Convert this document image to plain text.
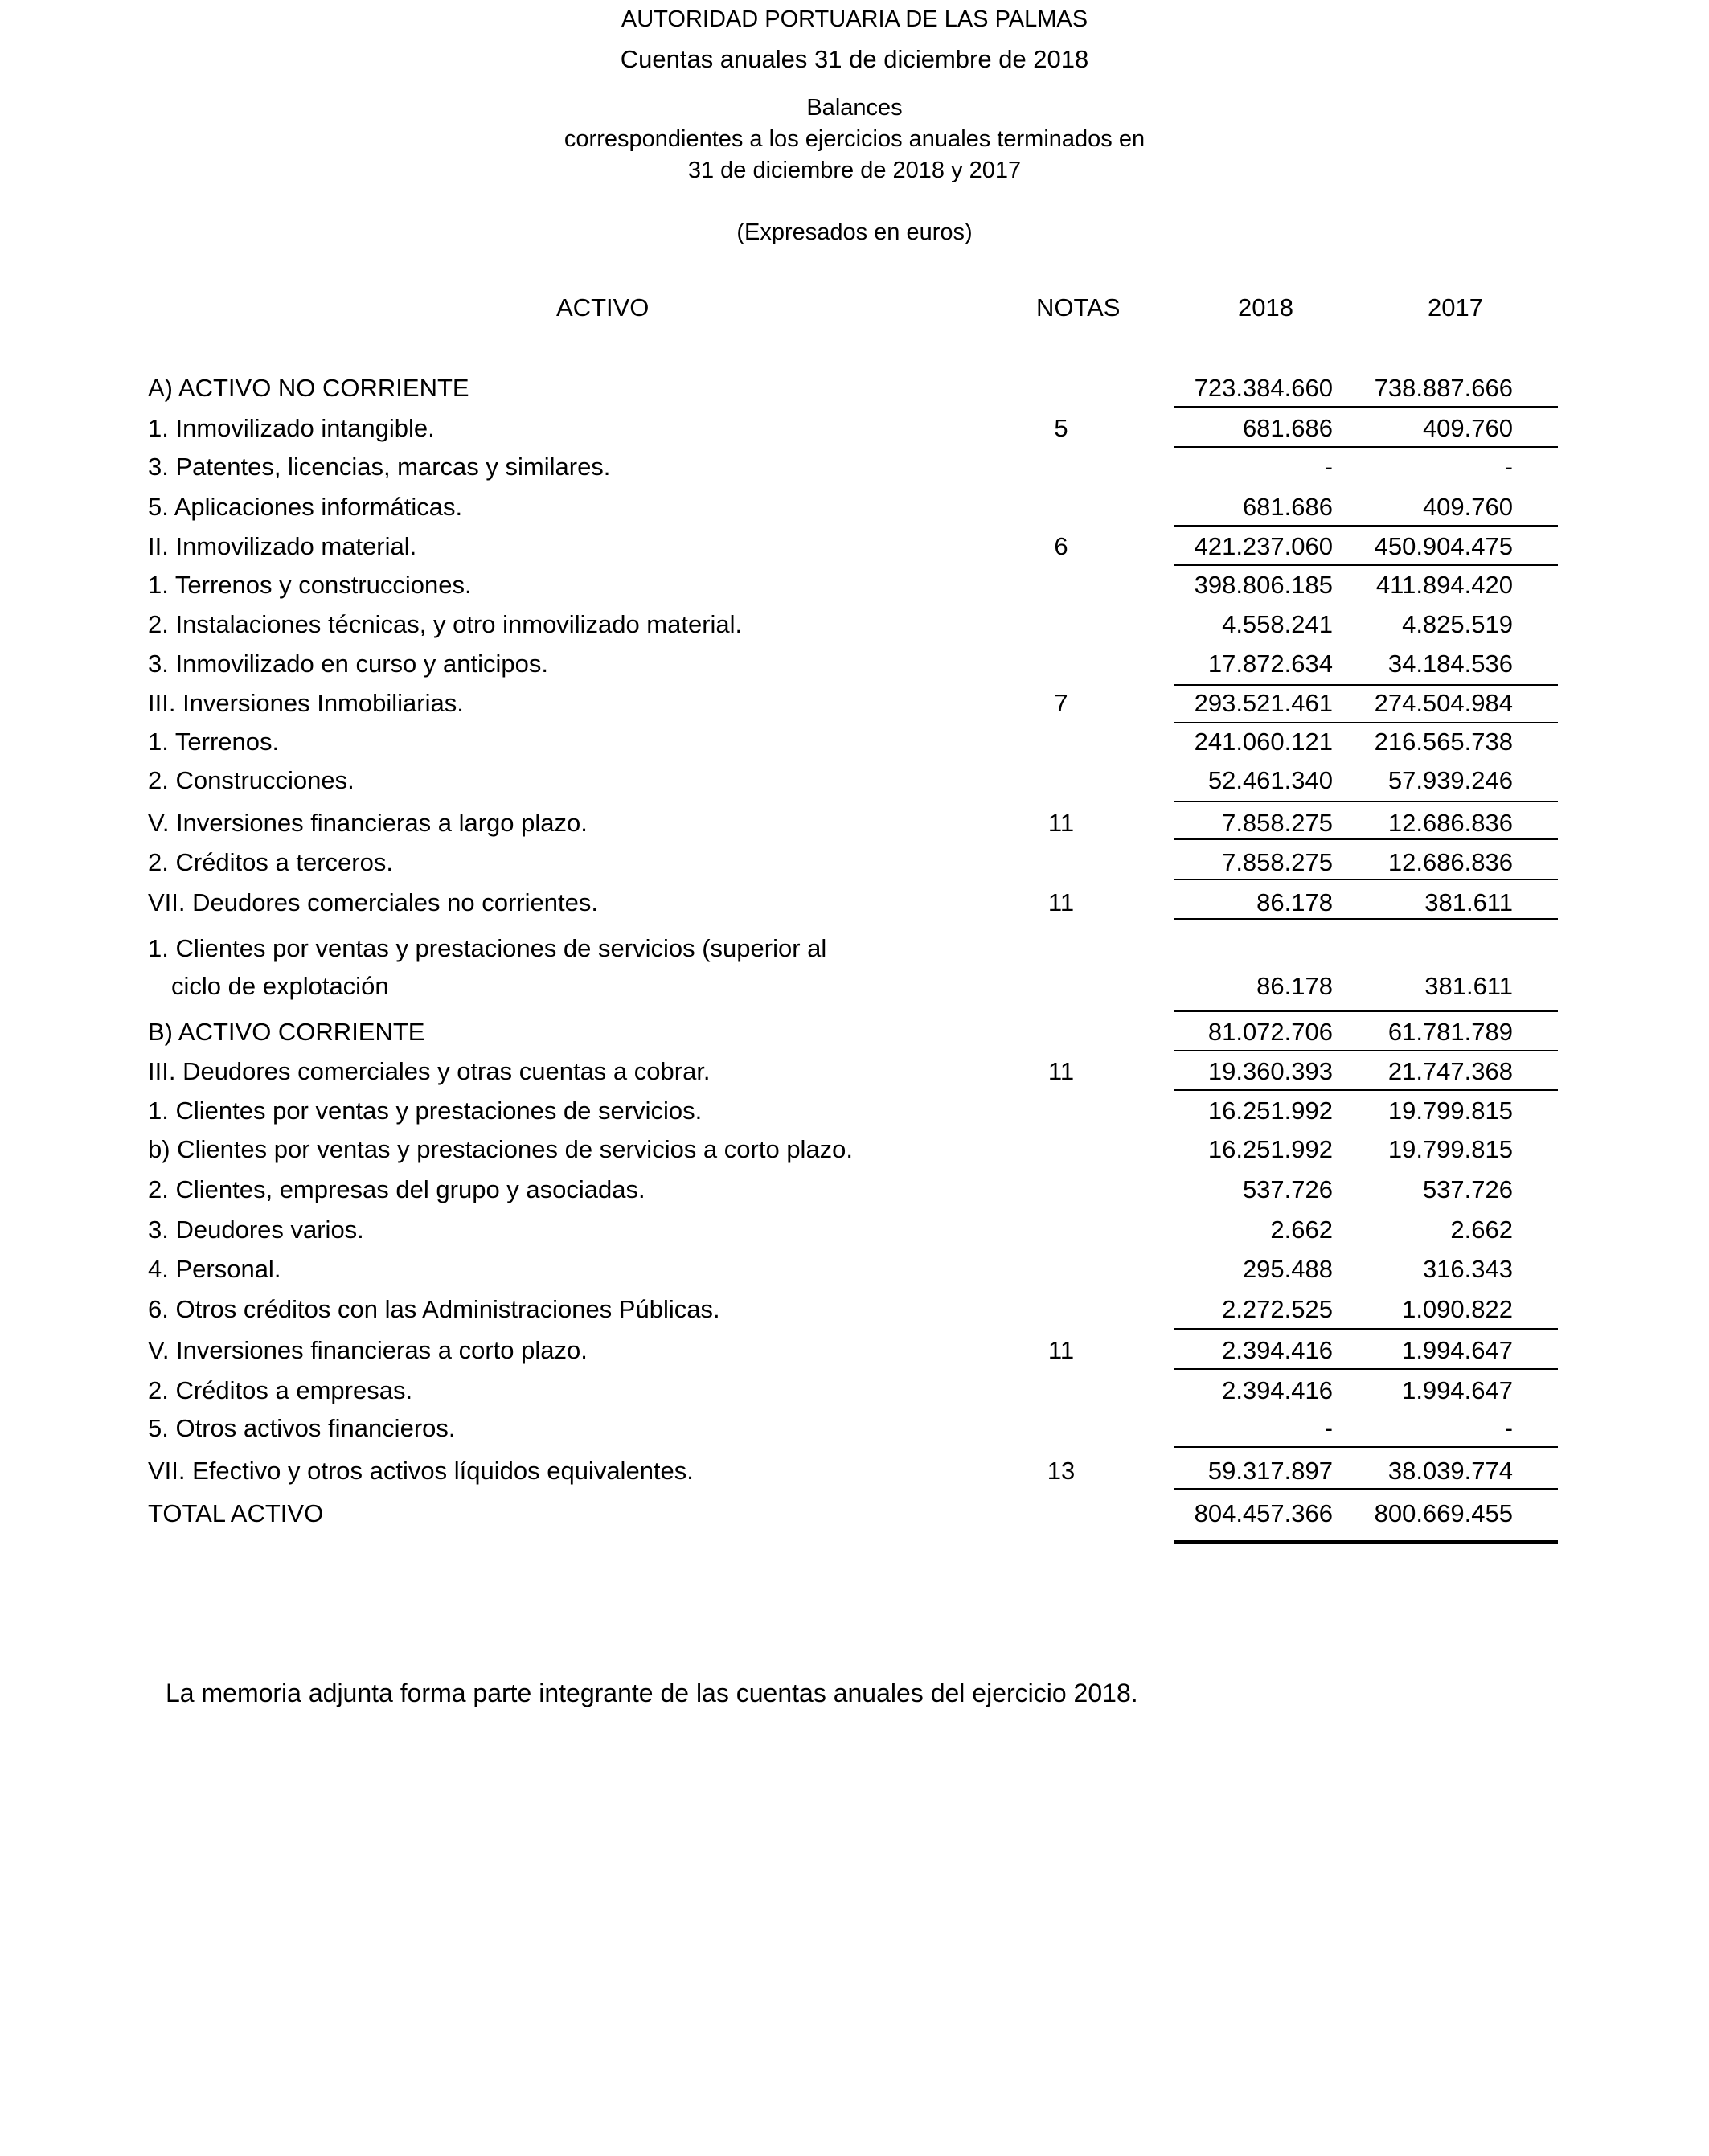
AUTORIDAD PORTUARIA DE LAS PALMAS
Cuentas anuales 31 de diciembre de 2018
Balances
correspondientes a los ejercicios anuales terminados en
31 de diciembre de 2018 y 2017
(Expresados en euros)
ACTIVO	NOTAS	2018	2017
A) ACTIVO NO CORRIENTE	723.384.660 738.887.666
1. Inmovilizado intangible.	5	681.686	409.760
3. Patentes, licencias, marcas y similares.	-	-
5. Aplicaciones informáticas.	681.686	409.760
II. Inmovilizado material.	6	421.237.060 450.904.475
1. Terrenos y construcciones.	398.806.185 411.894.420
2. Instalaciones técnicas, y otro inmovilizado material.	4.558.241	4.825.519
3. Inmovilizado en curso y anticipos.	17.872.634 34.184.536
III. Inversiones Inmobiliarias.	7	293.521.461 274.504.984
1. Terrenos.	241.060.121 216.565.738
2. Construcciones.	52.461.340 57.939.246
V. Inversiones financieras a largo plazo.	11	7.858.275 12.686.836
2. Créditos a terceros.	7.858.275 12.686.836
VII. Deudores comerciales no corrientes.	11	86.178	381.611
1. Clientes por ventas y prestaciones de servicios (superior al
ciclo de explotación	86.178	381.611
B) ACTIVO CORRIENTE	81.072.706 61.781.789
III. Deudores comerciales y otras cuentas a cobrar.	11	19.360.393 21.747.368
1. Clientes por ventas y prestaciones de servicios.	16.251.992 19.799.815
b) Clientes por ventas y prestaciones de servicios a corto plazo.	16.251.992 19.799.815
2. Clientes, empresas del grupo y asociadas.	537.726	537.726
3. Deudores varios.	2.662	2.662
4. Personal.	295.488	316.343
6. Otros créditos con las Administraciones Públicas.	2.272.525	1.090.822
V. Inversiones financieras a corto plazo.	11	2.394.416	1.994.647
2. Créditos a empresas.	2.394.416	1.994.647
5. Otros activos financieros.	-	-
VII. Efectivo y otros activos líquidos equivalentes.	13	59.317.897 38.039.774
TOTAL ACTIVO	804.457.366 800.669.455
La memoria adjunta forma parte integrante de las cuentas anuales del ejercicio 2018.
